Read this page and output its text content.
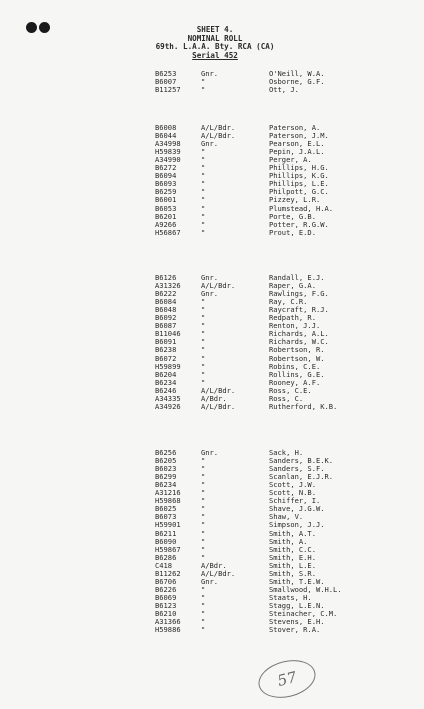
SHEET 4.
NOMINAL ROLL
69th. L.A.A. Bty. RCA (CA)
Serial 452
B6253	Gnr.	O'Neill, W.A.
B6007	"	Osborne, G.F.
B11257	"	Ott, J.
B6008	A/L/Bdr.	Paterson, A.
B6044	A/L/Bdr.	Paterson, J.M.
A34998	Gnr.	Pearson, E.L.
H59839	"	Pepin, J.A.L.
A34990	"	Perger, A.
B6272	"	Phillips, H.G.
B6094	"	Phillips, K.G.
B6093	"	Phillips, L.E.
B6259	"	Philpott, G.C.
B6001	"	Pizzey, L.R.
B6053	"	Plumstead, H.A.
B6201	"	Porte, G.B.
A9266	"	Potter, R.G.W.
H56867	"	Prout, E.D.
B6126	Gnr.	Randall, E.J.
A31326	A/L/Bdr.	Raper, G.A.
B6222	Gnr.	Rawlings, F.G.
B6084	"	Ray, C.R.
B6048	"	Raycraft, R.J.
B6092	"	Redpath, R.
B6087	"	Renton, J.J.
B11046	"	Richards, A.L.
B6091	"	Richards, W.C.
B6238	"	Robertson, R.
B6072	"	Robertson, W.
H59899	"	Robins, C.E.
B6204	"	Rollins, G.E.
B6234	"	Rooney, A.F.
B6246	A/L/Bdr.	Ross, C.E.
A34335	A/Bdr.	Ross, C.
A34926	A/L/Bdr.	Rutherford, K.B.
B6256	Gnr.	Sack, H.
B6205	"	Sanders, B.E.K.
B6023	"	Sanders, S.F.
B6299	"	Scanlan, E.J.R.
B6234	"	Scott, J.W.
A31216	"	Scott, N.B.
H59868	"	Schiffer, I.
B6025	"	Shave, J.G.W.
B6073	"	Shaw, V.
H59901	"	Simpson, J.J.
B6211	"	Smith, A.T.
B6090	"	Smith, A.
H59867	"	Smith, C.C.
B6286	"	Smith, E.H.
C418	A/Bdr.	Smith, L.E.
B11262	A/L/Bdr.	Smith, S.R.
B6706	Gnr.	Smith, T.E.W.
B6226	"	Smallwood, W.H.L.
B6069	"	Staats, H.
B6123	"	Stagg, L.E.N.
B6210	"	Steinacher, C.M.
A31366	"	Stevens, E.H.
H59886	"	Stover, R.A.
57
